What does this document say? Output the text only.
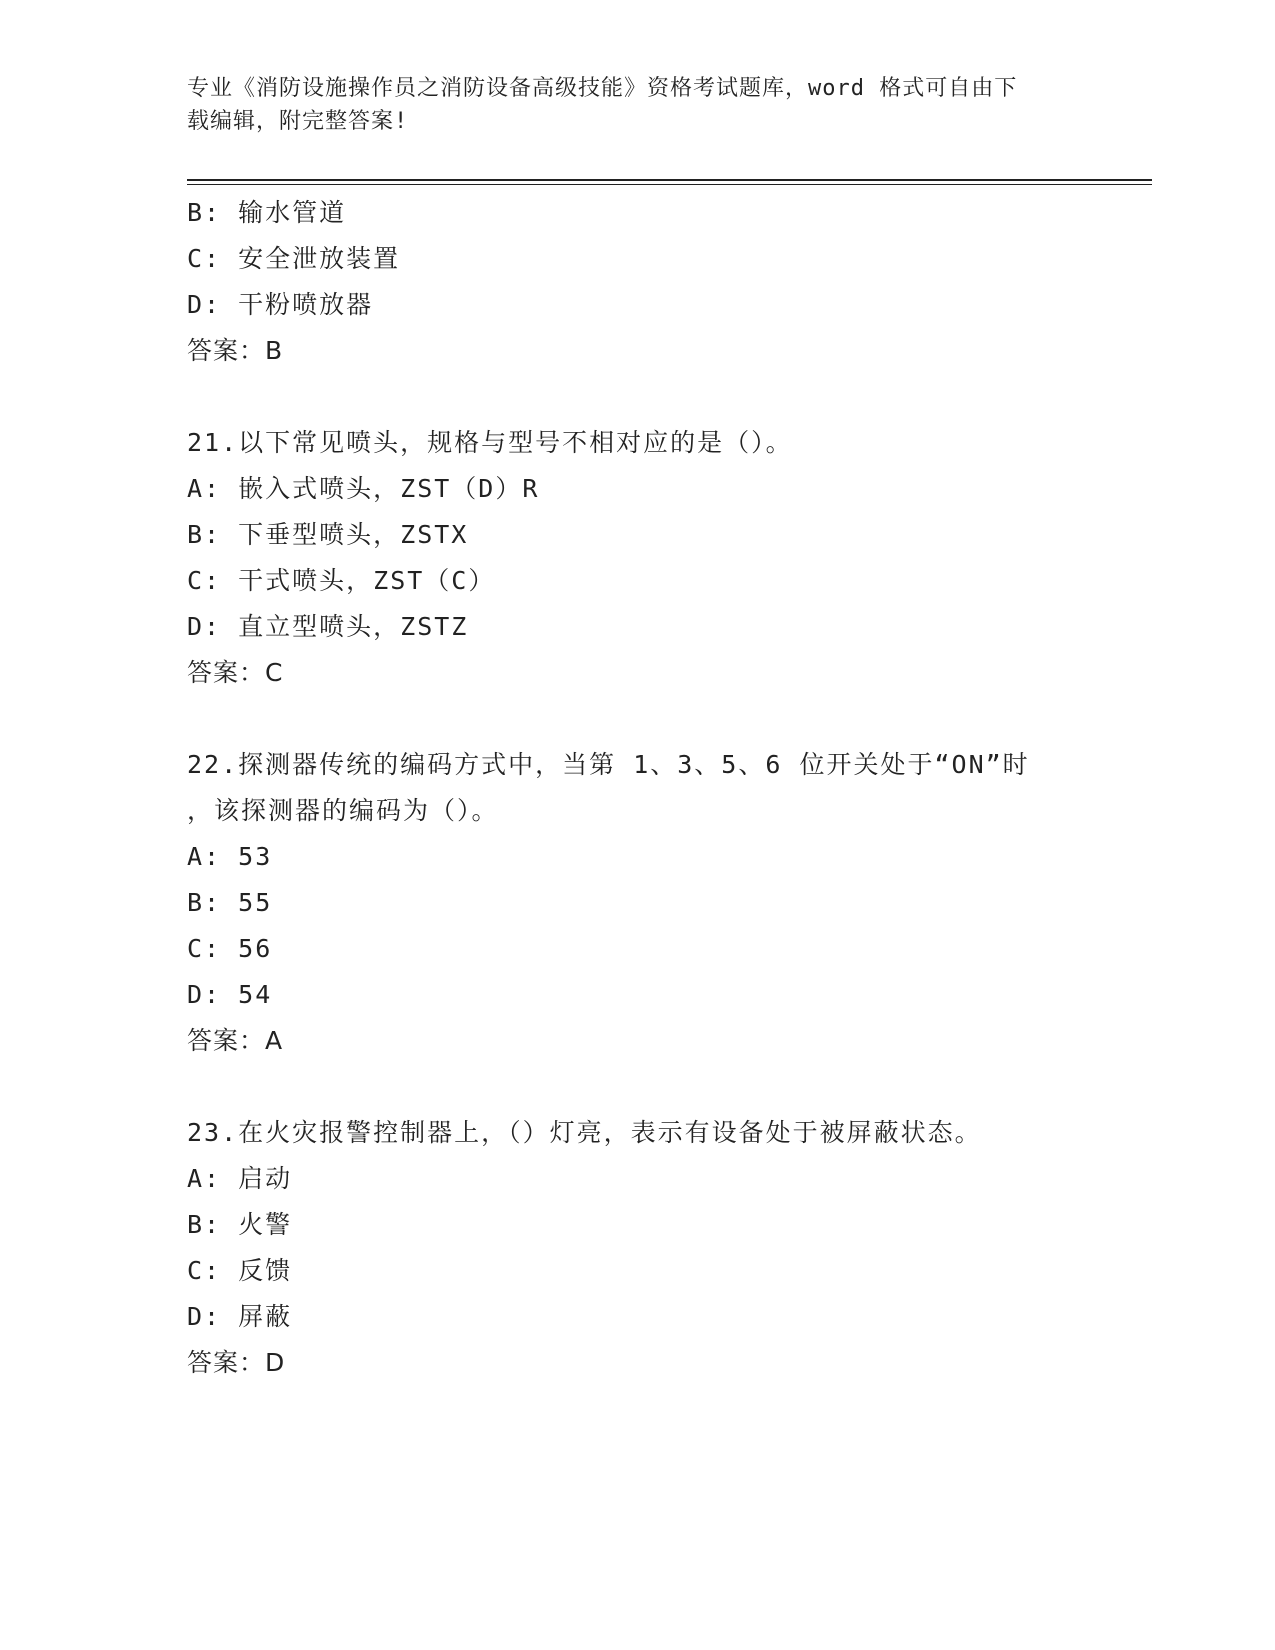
专业《消防设施操作员之消防设备高级技能》资格考试题库，word 格式可自由下
载编辑，附完整答案!
B: 输水管道
C: 安全泄放装置
D: 干粉喷放器
答案：B
21.以下常见喷头，规格与型号不相对应的是（）。
A: 嵌入式喷头，ZST（D）R
B: 下垂型喷头，ZSTX
C: 干式喷头，ZST（C）
D: 直立型喷头，ZSTZ
答案：C
22.探测器传统的编码方式中，当第 1、3、5、6 位开关处于“ON”时
，该探测器的编码为（）。
A: 53
B: 55
C: 56
D: 54
答案：A
23.在火灾报警控制器上，（）灯亮，表示有设备处于被屏蔽状态。
A: 启动
B: 火警
C: 反馈
D: 屏蔽
答案：D
